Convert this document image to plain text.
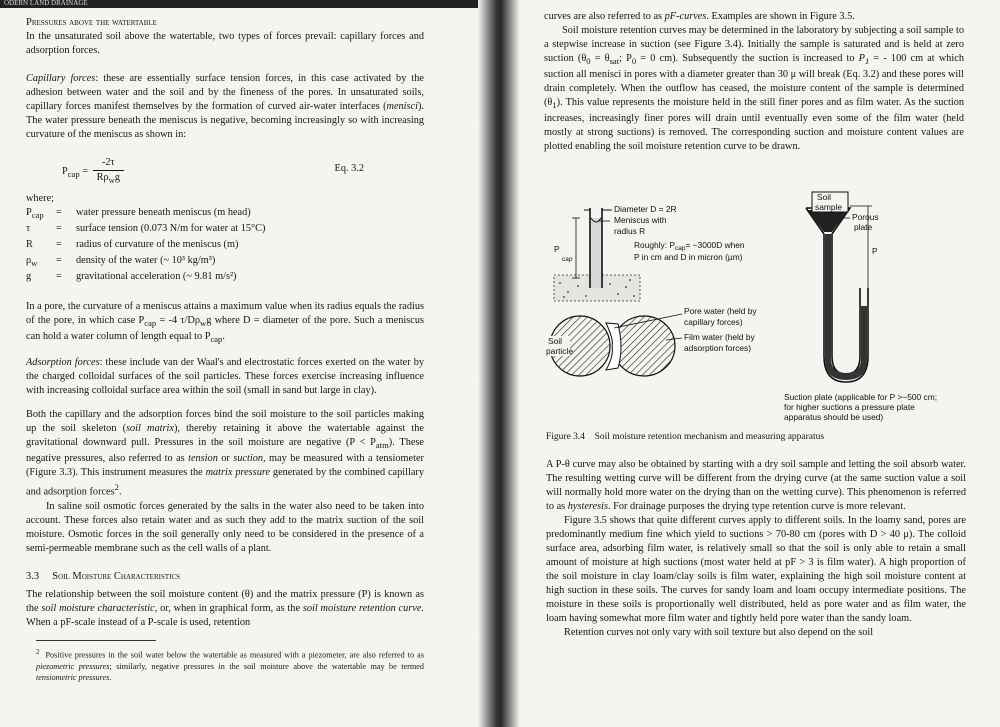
ODERN LAND DRAINAGE

Pressures above the watertable

In the unsaturated soil above the watertable, two types of forces prevail: capillary forces and adsorption forces.

Capillary forces: these are essentially surface tension forces, in this case activated by the adhesion between water and the soil and by the fineness of the pores. In unsaturated soils, capillary forces manifest themselves by the formation of curved air-water interfaces (menisci). The water pressure beneath the meniscus is negative, becoming increasingly so with increasing curvature of the meniscus as shown in:

$P_{cap} = \frac{-2\tau}{R\rho_wg}$	Eq. 3.2
where;
$P_{cap}$	=	water pressure beneath meniscus (m head)
τ	=	surface tension (0.073 N/m for water at 15°C)
R	=	radius of curvature of the meniscus (m)
$\rho_w$	=	density of the water (~ 10³ kg/m³)
g	=	gravitational acceleration (~ 9.81 m/s²)

In a pore, the curvature of a meniscus attains a maximum value when its radius equals the radius of the pore, in which case $P_{cap} = -4$ $\tau/D\rho_wg$ where D = diameter of the pore. Such a meniscus can hold a water column of length equal to $P_{cap}$.

Adsorption forces: these include van der Waal's and electrostatic forces exerted on the water by the charged colloidal surfaces of the soil particles. These forces exercise increasing influence with increasing colloidal surface area within the soil (small in sand but large in clay).

Both the capillary and the adsorption forces bind the soil moisture to the soil particles making up the soil skeleton (soil matrix), thereby retaining it above the watertable against the gravitational downward pull. Pressures in the soil moisture are negative $(P < P_{atm})$. These negative pressures, also referred to as tension or suction, may be measured with a tensiometer (Figure 3.3). This instrument measures the matrix pressure generated by the combined capillary and adsorption forces$^2$.

In saline soil osmotic forces generated by the salts in the water also need to be taken into account. These forces also retain water and as such they add to the matrix suction of the soil moisture. Osmotic forces in the soil generally only need to be considered in the presence of a semi-permeable membrane such as the cell walls of a plant.

3.3 Soil Moisture Characteristics

The relationship between the soil moisture content (θ) and the matrix pressure (P) is known as the soil moisture characteristic, or, when in graphical form, as the soil moisture retention curve. When a pF-scale instead of a P-scale is used, retention

$^2$ Positive pressures in the soil water below the watertable as measured with a piezometer, are also referred to as piezometric pressures; similarly, negative pressures in the soil moisture above the watertable may be termed tensiometric pressures.

curves are also referred to as pF-curves. Examples are shown in Figure 3.5.

Soil moisture retention curves may be determined in the laboratory by subjecting a soil sample to a stepwise increase in suction (see Figure 3.4). Initially the sample is saturated and is held at zero suction ($\theta_0 = \theta_{sat}$; $P_0 = 0$ cm). Subsequently the suction is increased to $P_1$ = - 100 cm at which suction all menisci in pores with a diameter greater than 30 μ will break (Eq. 3.2) and these pores will drain completely. When the outflow has ceased, the moisture content of the sample is determined $(\theta_1)$. This value represents the moisture held in the still finer pores and as film water. As the suction increases, increasingly finer pores will drain until eventually even some of the film water (held mostly at strong suctions) is removed. The corresponding suction and moisture content values are plotted enabling the soil moisture retention curve to be drawn.

Diameter D = 2R
Meniscus with
radius R
P
cap
Roughly: $P_{cap}= -3000D$ when
P in cm and D in micron (μm)
Soil
particle
Pore water (held by
capillary forces)
Film water (held by
adsorption forces)
Soil
sample
Porous
plate
P
Suction plate (applicable for P >−500 cm;
for higher suctions a pressure plate
apparatus should be used)
Figure 3.4 Soil moisture retention mechanism and measuring apparatus

A P-θ curve may also be obtained by starting with a dry soil sample and letting the soil absorb water. The resulting wetting curve will be different from the drying curve (at the same suction value a soil will normally hold more water on the drying than on the wetting curve). This phenomenon is referred to as hysteresis. For drainage purposes the drying type retention curve is more relevant.

Figure 3.5 shows that quite different curves apply to different soils. In the loamy sand, pores are predominantly medium fine which yield to suctions > 70-80 cm (pores with D > 40 μ). The colloid surface area, adsorbing film water, is relatively small so that the soil is only able to retain a small amount of moisture at high suctions (most water held at pF > 3 is film water). A high proportion of the soil moisture in clay loam/clay soils is film water, explaining the high soil moisture content at high suction in these soils. The curves for sandy loam and loam occupy intermediate positions. The moisture in these soils is proportionally well distributed, held as pore water and as film water, the loam having somewhat more film water and tightly held pore water than the sandy loam.

Retention curves not only vary with soil texture but also depend on the soil
